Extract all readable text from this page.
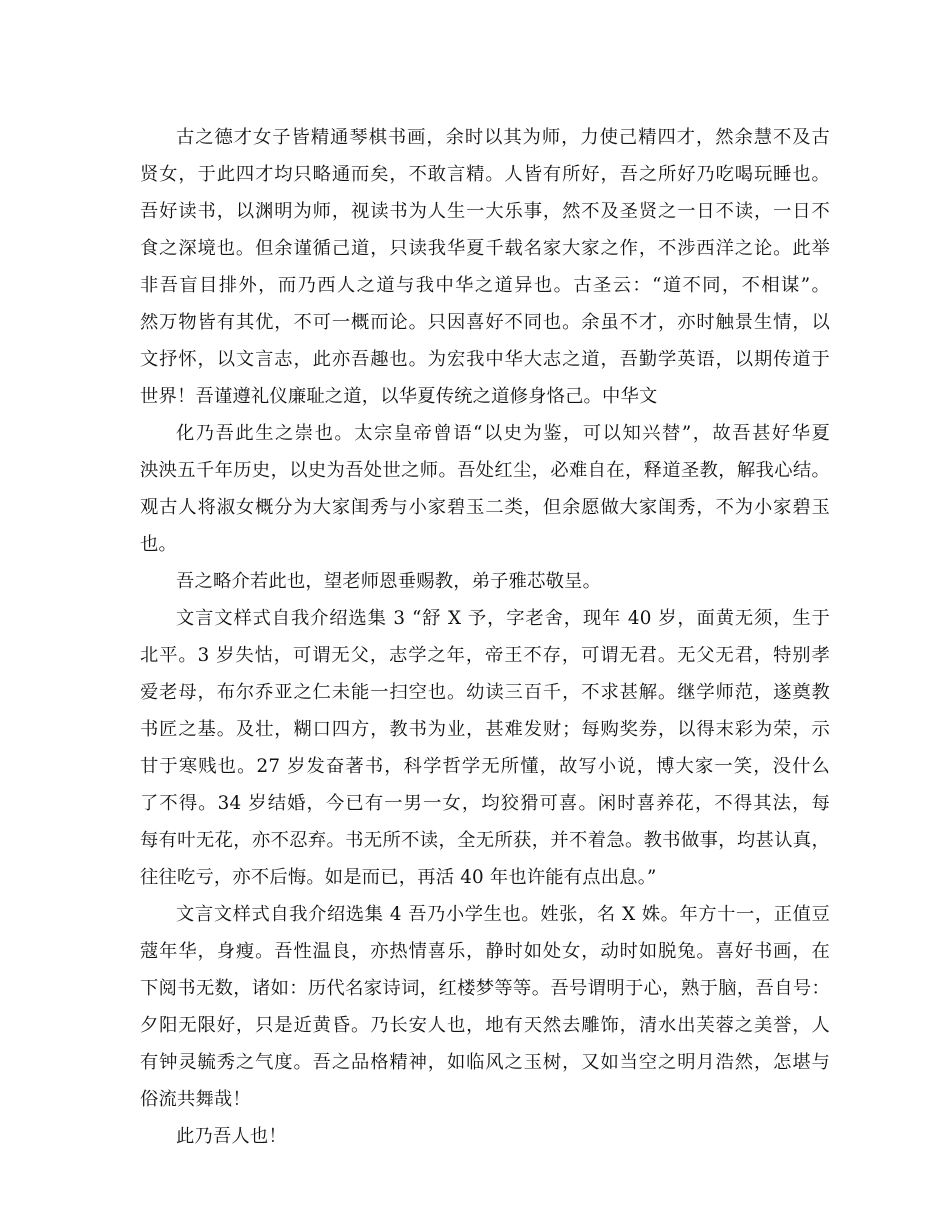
古之德才女子皆精通琴棋书画，余时以其为师，力使己精四才，然余慧不及古
贤女，于此四才均只略通而矣，不敢言精。人皆有所好，吾之所好乃吃喝玩睡也。
吾好读书，以渊明为师，视读书为人生一大乐事，然不及圣贤之一日不读，一日不
食之深境也。但余谨循己道，只读我华夏千载名家大家之作，不涉西洋之论。此举
非吾盲目排外，而乃西人之道与我中华之道异也。古圣云：“道不同，不相谋”。
然万物皆有其优，不可一概而论。只因喜好不同也。余虽不才，亦时触景生情，以
文抒怀，以文言志，此亦吾趣也。为宏我中华大志之道，吾勤学英语，以期传道于
世界！吾谨遵礼仪廉耻之道，以华夏传统之道修身恪己。中华文
化乃吾此生之崇也。太宗皇帝曾语“以史为鉴，可以知兴替”，故吾甚好华夏
泱泱五千年历史，以史为吾处世之师。吾处红尘，必难自在，释道圣教，解我心结。
观古人将淑女概分为大家闺秀与小家碧玉二类，但余愿做大家闺秀，不为小家碧玉
也。
吾之略介若此也，望老师恩垂赐教，弟子雅芯敬呈。
文言文样式自我介绍选集 3 “舒 X 予，字老舍，现年 40 岁，面黄无须，生于
北平。3 岁失怙，可谓无父，志学之年，帝王不存，可谓无君。无父无君，特别孝
爱老母，布尔乔亚之仁未能一扫空也。幼读三百千，不求甚解。继学师范，遂奠教
书匠之基。及壮，糊口四方，教书为业，甚难发财；每购奖券，以得末彩为荣，示
甘于寒贱也。27 岁发奋著书，科学哲学无所懂，故写小说，博大家一笑，没什么
了不得。34 岁结婚，今已有一男一女，均狡猾可喜。闲时喜养花，不得其法，每
每有叶无花，亦不忍弃。书无所不读，全无所获，并不着急。教书做事，均甚认真，
往往吃亏，亦不后悔。如是而已，再活 40 年也许能有点出息。”
文言文样式自我介绍选集 4 吾乃小学生也。姓张，名 X 姝。年方十一，正值豆
蔻年华，身瘦。吾性温良，亦热情喜乐，静时如处女，动时如脱兔。喜好书画，在
下阅书无数，诸如：历代名家诗词，红楼梦等等。吾号谓明于心，熟于脑，吾自号：
夕阳无限好，只是近黄昏。乃长安人也，地有天然去雕饰，清水出芙蓉之美誉，人
有钟灵毓秀之气度。吾之品格精神，如临风之玉树，又如当空之明月浩然，怎堪与
俗流共舞哉！
此乃吾人也！
